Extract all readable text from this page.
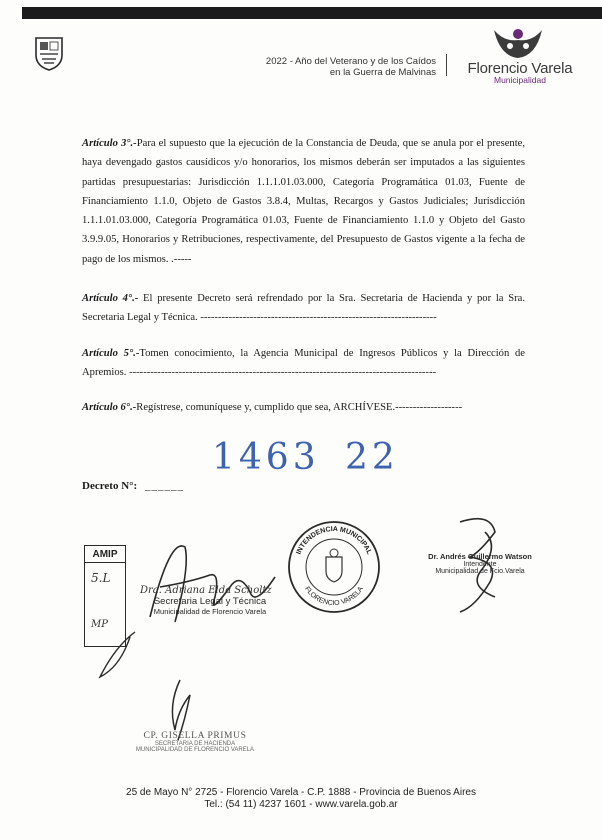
2022 - Año del Veterano y de los Caídos
en la Guerra de Malvinas	Florencio Varela
Municipalidad
Artículo 3°.-Para el supuesto que la ejecución de la Constancia de Deuda, que se anula por el presente, haya devengado gastos causídicos y/o honorarios, los mismos deberán ser imputados a las siguientes partidas presupuestarias: Jurisdicción 1.1.1.01.03.000, Categoría Programática 01.03, Fuente de Financiamiento 1.1.0, Objeto de Gastos 3.8.4, Multas, Recargos y Gastos Judiciales; Jurisdicción 1.1.1.01.03.000, Categoría Programática 01.03, Fuente de Financiamiento 1.1.0 y Objeto del Gasto 3.9.9.05, Honorarios y Retribuciones, respectivamente, del Presupuesto de Gastos vigente a la fecha de pago de los mismos. .-----
Artículo 4°.- El presente Decreto será refrendado por la Sra. Secretaria de Hacienda y por la Sra. Secretaria Legal y Técnica. -------------------------------------------------------------------
Artículo 5°.-Tomen conocimiento, la Agencia Municipal de Ingresos Públicos y la Dirección de Apremios. ---------------------------------------------------------------------------------------
Artículo 6°.-Regístrese, comuníquese y, cumplido que sea, ARCHÍVESE.-------------------
1463 22
Decreto N°: ______
AMIP
5.L
MP
Dra. Adriana Elda Scholtz
Secretaria Legal y Técnica
Municipalidad de Florencio Varela
INTENDENCIA MUNICIPAL
FLORENCIO VARELA
Dr. Andrés Guillermo Watson
Intendente
Municipalidad de Fcio.Varela
CP. GISELLA PRIMUS
SECRETARIA DE HACIENDA
MUNICIPALIDAD DE FLORENCIO VARELA
25 de Mayo N° 2725 - Florencio Varela - C.P. 1888 - Provincia de Buenos Aires
Tel.: (54 11) 4237 1601 - www.varela.gob.ar
